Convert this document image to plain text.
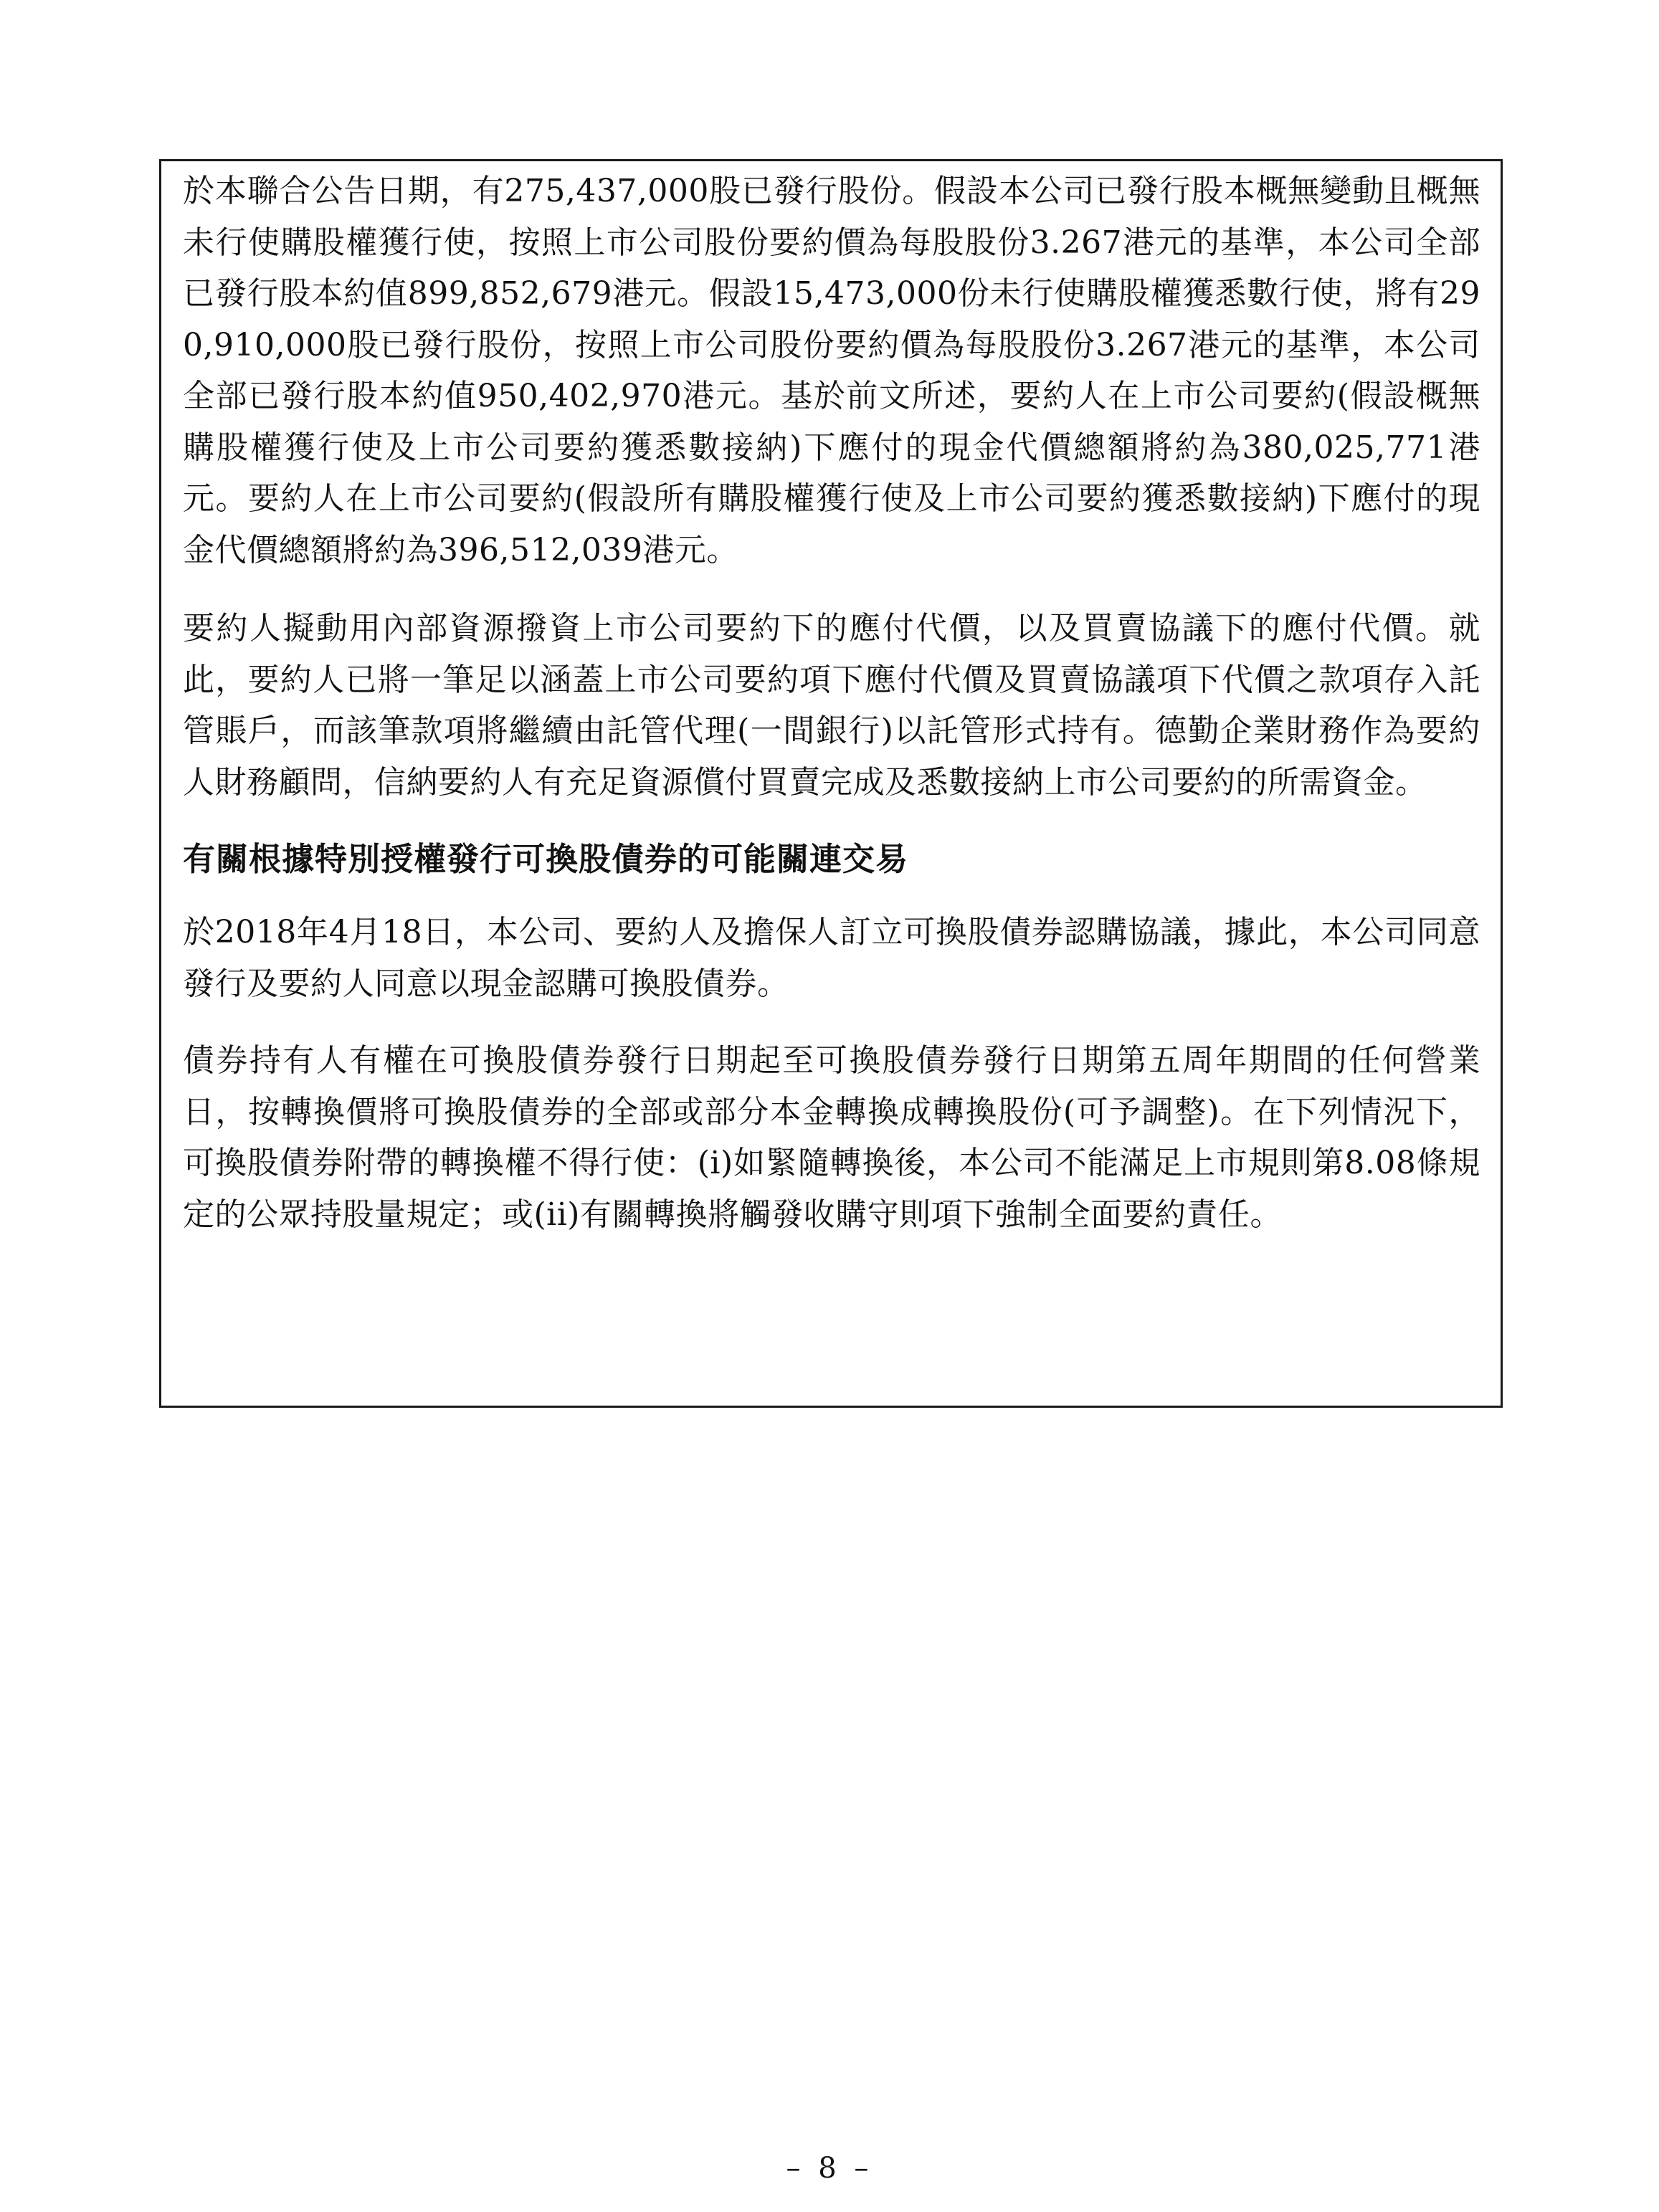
於本聯合公告日期，有275,437,000股已發行股份。假設本公司已發行股本概無變動且概無未行使購股權獲行使，按照上市公司股份要約價為每股股份3.267港元的基準，本公司全部已發行股本約值899,852,679港元。假設15,473,000份未行使購股權獲悉數行使，將有290,910,000股已發行股份，按照上市公司股份要約價為每股股份3.267港元的基準，本公司全部已發行股本約值950,402,970港元。基於前文所述，要約人在上市公司要約(假設概無購股權獲行使及上市公司要約獲悉數接納)下應付的現金代價總額將約為380,025,771港元。要約人在上市公司要約(假設所有購股權獲行使及上市公司要約獲悉數接納)下應付的現金代價總額將約為396,512,039港元。

要約人擬動用內部資源撥資上市公司要約下的應付代價，以及買賣協議下的應付代價。就此，要約人已將一筆足以涵蓋上市公司要約項下應付代價及買賣協議項下代價之款項存入託管賬戶，而該筆款項將繼續由託管代理(一間銀行)以託管形式持有。德勤企業財務作為要約人財務顧問，信納要約人有充足資源償付買賣完成及悉數接納上市公司要約的所需資金。

有關根據特別授權發行可換股債券的可能關連交易

於2018年4月18日，本公司、要約人及擔保人訂立可換股債券認購協議，據此，本公司同意發行及要約人同意以現金認購可換股債券。

債券持有人有權在可換股債券發行日期起至可換股債券發行日期第五周年期間的任何營業日，按轉換價將可換股債券的全部或部分本金轉換成轉換股份(可予調整)。在下列情況下，可換股債券附帶的轉換權不得行使：(i)如緊隨轉換後，本公司不能滿足上市規則第8.08條規定的公眾持股量規定；或(ii)有關轉換將觸發收購守則項下強制全面要約責任。

– 8 –
